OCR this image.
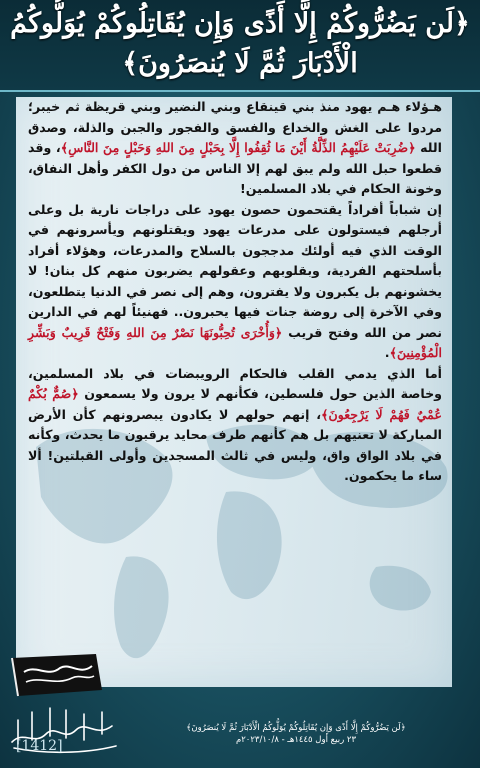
﴿لَن يَضُرُّوكُمْ إِلَّا أَذًى وَإِن يُقَاتِلُوكُمْ يُوَلُّوكُمُ الْأَدْبَارَ ثُمَّ لَا يُنصَرُونَ﴾

هـؤلاء هـم يهود منذ بني قينقاع وبني النضير وبني قريظة ثم خيبر؛ مردوا على الغش والخداع والفسق والفجور والجبن والذلة، وصدق الله ﴿ضُرِبَتْ عَلَيْهِمُ الذِّلَّةُ أَيْنَ مَا ثُقِفُوا إِلَّا بِحَبْلٍ مِنَ اللهِ وَحَبْلٍ مِنَ النَّاسِ﴾، وقد قطعوا حبل الله ولم يبق لهم إلا الناس من دول الكفر وأهل النفاق، وخونة الحكام في بلاد المسلمين!

إن شباباً أفراداً يقتحمون حصون يهود على دراجات نارية بل وعلى أرجلهم فيستولون على مدرعات يهود ويقتلونهم ويأسرونهم في الوقت الذي فيه أولئك مدججون بالسلاح والمدرعات، وهؤلاء أفراد بأسلحتهم الفردية، وبقلوبهم وعقولهم يضربون منهم كل بنان! لا يخشونهم بل يكبرون ولا يفترون، وهم إلى نصر في الدنيا يتطلعون، وفي الآخرة إلى روضة جنات فيها يحبرون.. فهنيئاً لهم في الدارين نصر من الله وفتح قريب ﴿وَأُخْرَى تُحِبُّونَهَا نَصْرٌ مِنَ اللهِ وَفَتْحٌ قَرِيبٌ وَبَشِّرِ الْمُؤْمِنِينَ﴾.

أما الذي يدمي القلب فالحكام الرويبضات في بلاد المسلمين، وخاصة الذين حول فلسطين، فكأنهم لا يرون ولا يسمعون ﴿صُمٌّ بُكْمٌ عُمْيٌ فَهُمْ لَا يَرْجِعُونَ﴾، إنهم حولهم لا يكادون يبصرونهم كأن الأرض المباركة لا تعنيهم بل هم كأنهم طرف محايد يرقبون ما يحدث، وكأنه في بلاد الواق واق، وليس في ثالث المسجدين وأولى القبلتين! ألا ساء ما يحكمون.

﴿لَن يَضُرُّوكُمْ إِلَّا أَذًى وَإِن يُقَاتِلُوكُمْ يُوَلُّوكُمُ الْأَدْبَارَ ثُمَّ لَا يُنصَرُونَ﴾
٢٣ ربيع أول ١٤٤٥هـ - ٢٠٢٣/١٠/٨م
[1412]
